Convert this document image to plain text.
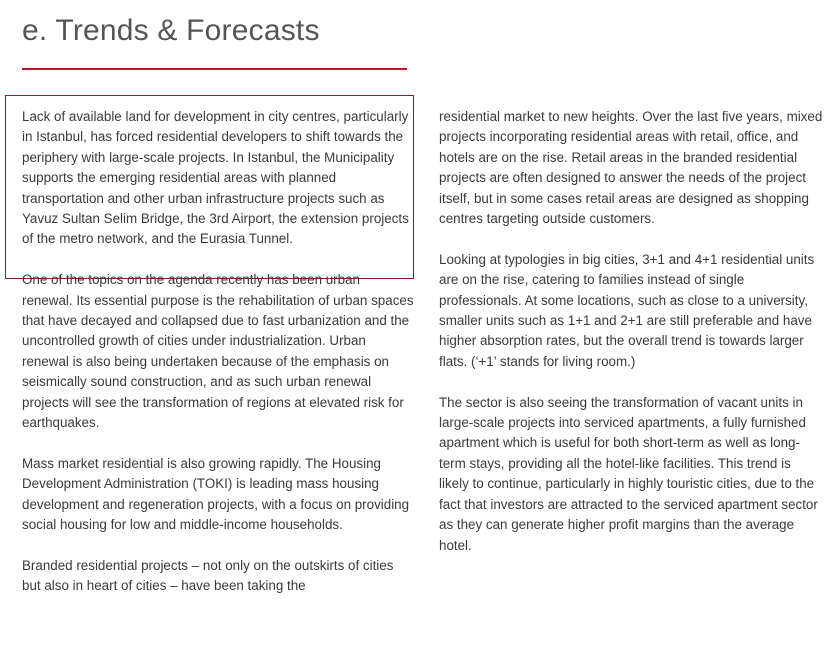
e. Trends & Forecasts

Lack of available land for development in city centres, particularly in Istanbul, has forced residential developers to shift towards the periphery with large-scale projects. In Istanbul, the Municipality supports the emerging residential areas with planned transportation and other urban infrastructure projects such as Yavuz Sultan Selim Bridge, the 3rd Airport, the extension projects of the metro network, and the Eurasia Tunnel.

One of the topics on the agenda recently has been urban renewal. Its essential purpose is the rehabilitation of urban spaces that have decayed and collapsed due to fast urbanization and the uncontrolled growth of cities under industrialization. Urban renewal is also being undertaken because of the emphasis on seismically sound construction, and as such urban renewal projects will see the transformation of regions at elevated risk for earthquakes.

Mass market residential is also growing rapidly. The Housing Development Administration (TOKI) is leading mass housing development and regeneration projects, with a focus on providing social housing for low and middle-income households.

Branded residential projects – not only on the outskirts of cities but also in heart of cities – have been taking the

residential market to new heights. Over the last five years, mixed projects incorporating residential areas with retail, office, and hotels are on the rise. Retail areas in the branded residential projects are often designed to answer the needs of the project itself, but in some cases retail areas are designed as shopping centres targeting outside customers.

Looking at typologies in big cities, 3+1 and 4+1 residential units are on the rise, catering to families instead of single professionals. At some locations, such as close to a university, smaller units such as 1+1 and 2+1 are still preferable and have higher absorption rates, but the overall trend is towards larger flats. (‘+1’ stands for living room.)

The sector is also seeing the transformation of vacant units in large-scale projects into serviced apartments, a fully furnished apartment which is useful for both short-term as well as long-term stays, providing all the hotel-like facilities. This trend is likely to continue, particularly in highly touristic cities, due to the fact that investors are attracted to the serviced apartment sector as they can generate higher profit margins than the average hotel.
